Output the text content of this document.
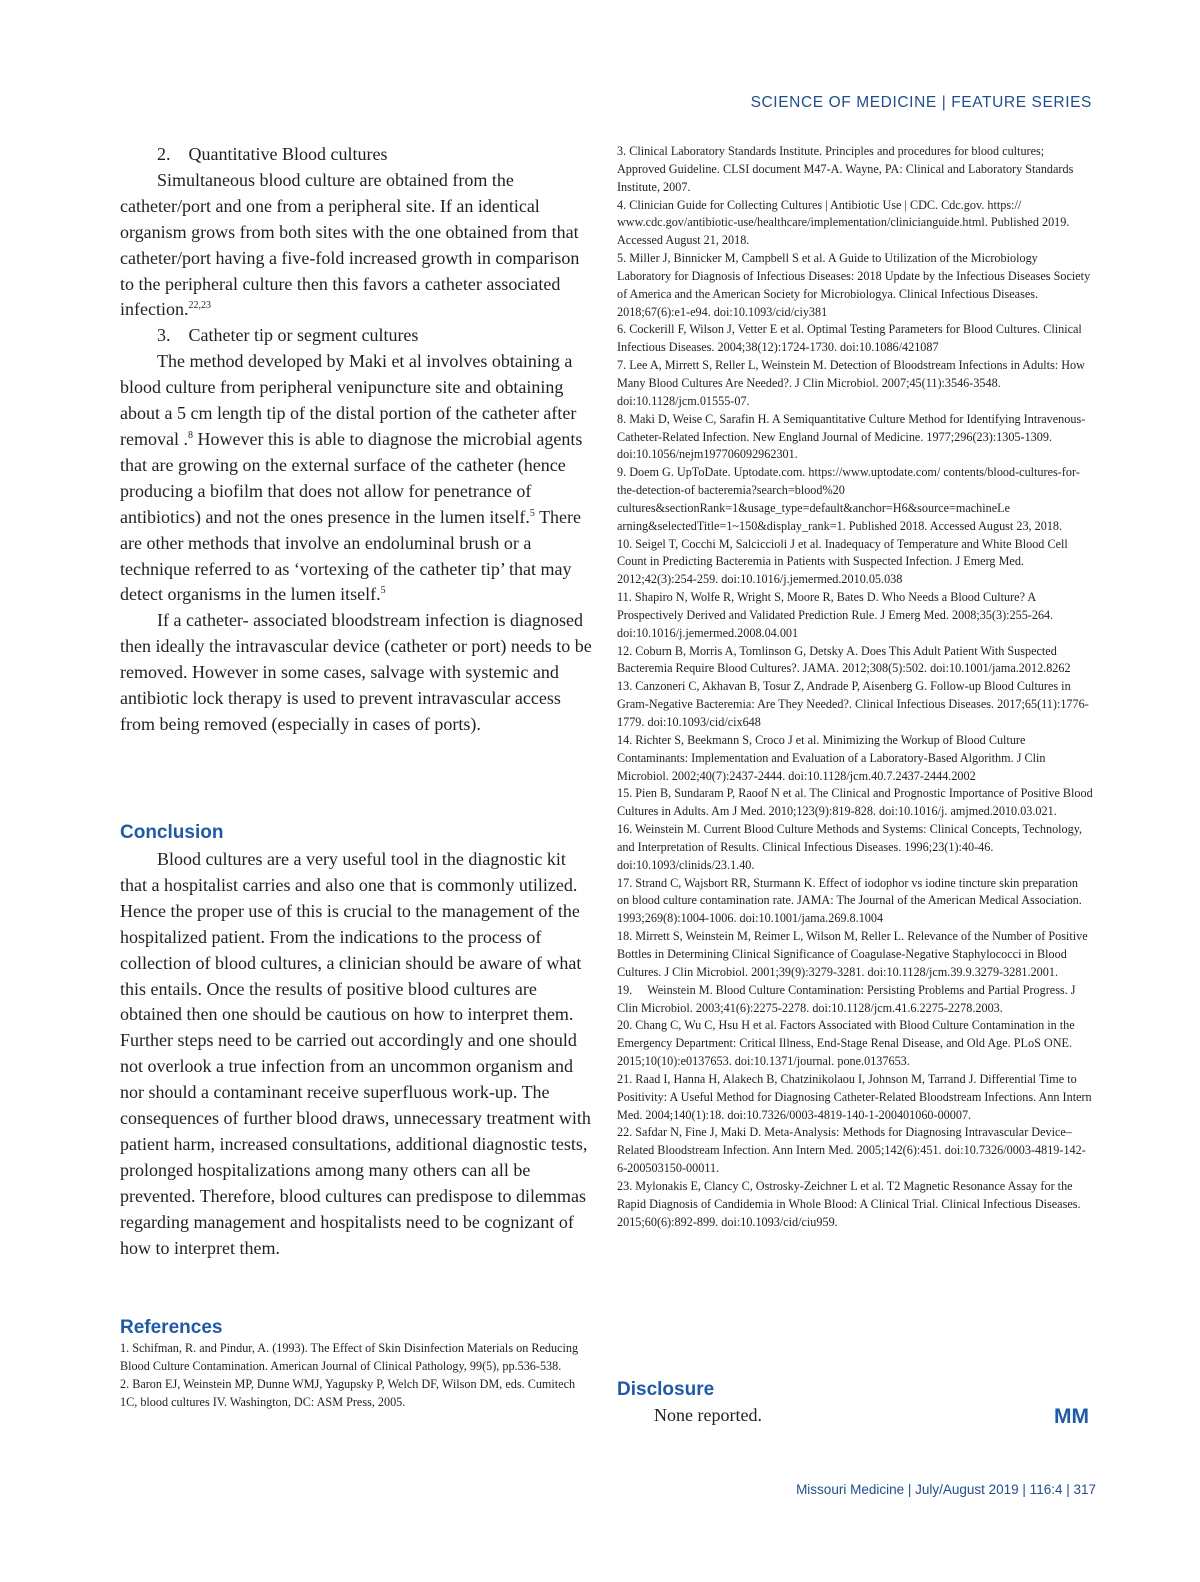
SCIENCE OF MEDICINE | FEATURE SERIES

2.    Quantitative Blood cultures

Simultaneous blood culture are obtained from the catheter/port and one from a peripheral site. If an identical organism grows from both sites with the one obtained from that catheter/port having a five-fold increased growth in comparison to the peripheral culture then this favors a catheter associated infection.$^{22,23}$

3.    Catheter tip or segment cultures

The method developed by Maki et al involves obtaining a blood culture from peripheral venipuncture site and obtaining about a 5 cm length tip of the distal portion of the catheter after removal .$^8$ However this is able to diagnose the microbial agents that are growing on the external surface of the catheter (hence producing a biofilm that does not allow for penetrance of antibiotics) and not the ones presence in the lumen itself.$^5$ There are other methods that involve an endoluminal brush or a technique referred to as ‘vortexing of the catheter tip’ that may detect organisms in the lumen itself.$^5$

If a catheter- associated bloodstream infection is diagnosed then ideally the intravascular device (catheter or port) needs to be removed. However in some cases, salvage with systemic and antibiotic lock therapy is used to prevent intravascular access from being removed (especially in cases of ports).

Conclusion

Blood cultures are a very useful tool in the diagnostic kit that a hospitalist carries and also one that is commonly utilized. Hence the proper use of this is crucial to the management of the hospitalized patient. From the indications to the process of collection of blood cultures, a clinician should be aware of what this entails. Once the results of positive blood cultures are obtained then one should be cautious on how to interpret them. Further steps need to be carried out accordingly and one should not overlook a true infection from an uncommon organism and nor should a contaminant receive superfluous work-up. The consequences of further blood draws, unnecessary treatment with patient harm, increased consultations, additional diagnostic tests, prolonged hospitalizations among many others can all be prevented. Therefore, blood cultures can predispose to dilemmas regarding management and hospitalists need to be cognizant of how to interpret them.

References

1. Schifman, R. and Pindur, A. (1993). The Effect of Skin Disinfection Materials on Reducing Blood Culture Contamination. American Journal of Clinical Pathology, 99(5), pp.536-538.

2. Baron EJ, Weinstein MP, Dunne WMJ, Yagupsky P, Welch DF, Wilson DM, eds. Cumitech 1C, blood cultures IV. Washington, DC: ASM Press, 2005.

3. Clinical Laboratory Standards Institute. Principles and procedures for blood cultures; Approved Guideline. CLSI document M47-A. Wayne, PA: Clinical and Laboratory Standards Institute, 2007.

4. Clinician Guide for Collecting Cultures | Antibiotic Use | CDC. Cdc.gov. https:// www.cdc.gov/antibiotic-use/healthcare/implementation/clinicianguide.html. Published 2019. Accessed August 21, 2018.

5. Miller J, Binnicker M, Campbell S et al. A Guide to Utilization of the Microbiology Laboratory for Diagnosis of Infectious Diseases: 2018 Update by the Infectious Diseases Society of America and the American Society for Microbiologya. Clinical Infectious Diseases. 2018;67(6):e1-e94. doi:10.1093/cid/ciy381

6. Cockerill F, Wilson J, Vetter E et al. Optimal Testing Parameters for Blood Cultures. Clinical Infectious Diseases. 2004;38(12):1724-1730. doi:10.1086/421087

7. Lee A, Mirrett S, Reller L, Weinstein M. Detection of Bloodstream Infections in Adults: How Many Blood Cultures Are Needed?. J Clin Microbiol. 2007;45(11):3546-3548. doi:10.1128/jcm.01555-07.

8. Maki D, Weise C, Sarafin H. A Semiquantitative Culture Method for Identifying Intravenous-Catheter-Related Infection. New England Journal of Medicine. 1977;296(23):1305-1309. doi:10.1056/nejm197706092962301.

9. Doem G. UpToDate. Uptodate.com. https://www.uptodate.com/ contents/blood-cultures-for-the-detection-of bacteremia?search=blood%20 cultures&sectionRank=1&usage_type=default&anchor=H6&source=machineLe arning&selectedTitle=1~150&display_rank=1. Published 2018. Accessed August 23, 2018.

10. Seigel T, Cocchi M, Salciccioli J et al. Inadequacy of Temperature and White Blood Cell Count in Predicting Bacteremia in Patients with Suspected Infection. J Emerg Med. 2012;42(3):254-259. doi:10.1016/j.jemermed.2010.05.038

11. Shapiro N, Wolfe R, Wright S, Moore R, Bates D. Who Needs a Blood Culture? A Prospectively Derived and Validated Prediction Rule. J Emerg Med. 2008;35(3):255-264. doi:10.1016/j.jemermed.2008.04.001

12. Coburn B, Morris A, Tomlinson G, Detsky A. Does This Adult Patient With Suspected Bacteremia Require Blood Cultures?. JAMA. 2012;308(5):502. doi:10.1001/jama.2012.8262

13. Canzoneri C, Akhavan B, Tosur Z, Andrade P, Aisenberg G. Follow-up Blood Cultures in Gram-Negative Bacteremia: Are They Needed?. Clinical Infectious Diseases. 2017;65(11):1776-1779. doi:10.1093/cid/cix648

14. Richter S, Beekmann S, Croco J et al. Minimizing the Workup of Blood Culture Contaminants: Implementation and Evaluation of a Laboratory-Based Algorithm. J Clin Microbiol. 2002;40(7):2437-2444. doi:10.1128/jcm.40.7.2437-2444.2002

15. Pien B, Sundaram P, Raoof N et al. The Clinical and Prognostic Importance of Positive Blood Cultures in Adults. Am J Med. 2010;123(9):819-828. doi:10.1016/j. amjmed.2010.03.021.

16. Weinstein M. Current Blood Culture Methods and Systems: Clinical Concepts, Technology, and Interpretation of Results. Clinical Infectious Diseases. 1996;23(1):40-46. doi:10.1093/clinids/23.1.40.

17. Strand C, Wajsbort RR, Sturmann K. Effect of iodophor vs iodine tincture skin preparation on blood culture contamination rate. JAMA: The Journal of the American Medical Association. 1993;269(8):1004-1006. doi:10.1001/jama.269.8.1004

18. Mirrett S, Weinstein M, Reimer L, Wilson M, Reller L. Relevance of the Number of Positive Bottles in Determining Clinical Significance of Coagulase-Negative Staphylococci in Blood Cultures. J Clin Microbiol. 2001;39(9):3279-3281. doi:10.1128/jcm.39.9.3279-3281.2001.

19.     Weinstein M. Blood Culture Contamination: Persisting Problems and Partial Progress. J Clin Microbiol. 2003;41(6):2275-2278. doi:10.1128/jcm.41.6.2275-2278.2003.

20. Chang C, Wu C, Hsu H et al. Factors Associated with Blood Culture Contamination in the Emergency Department: Critical Illness, End-Stage Renal Disease, and Old Age. PLoS ONE. 2015;10(10):e0137653. doi:10.1371/journal. pone.0137653.

21. Raad I, Hanna H, Alakech B, Chatzinikolaou I, Johnson M, Tarrand J. Differential Time to Positivity: A Useful Method for Diagnosing Catheter-Related Bloodstream Infections. Ann Intern Med. 2004;140(1):18. doi:10.7326/0003-4819-140-1-200401060-00007.

22. Safdar N, Fine J, Maki D. Meta-Analysis: Methods for Diagnosing Intravascular Device–Related Bloodstream Infection. Ann Intern Med. 2005;142(6):451. doi:10.7326/0003-4819-142-6-200503150-00011.

23. Mylonakis E, Clancy C, Ostrosky-Zeichner L et al. T2 Magnetic Resonance Assay for the Rapid Diagnosis of Candidemia in Whole Blood: A Clinical Trial. Clinical Infectious Diseases. 2015;60(6):892-899. doi:10.1093/cid/ciu959.

Disclosure
None reported.	MM
Missouri Medicine | July/August 2019 | 116:4 | 317
